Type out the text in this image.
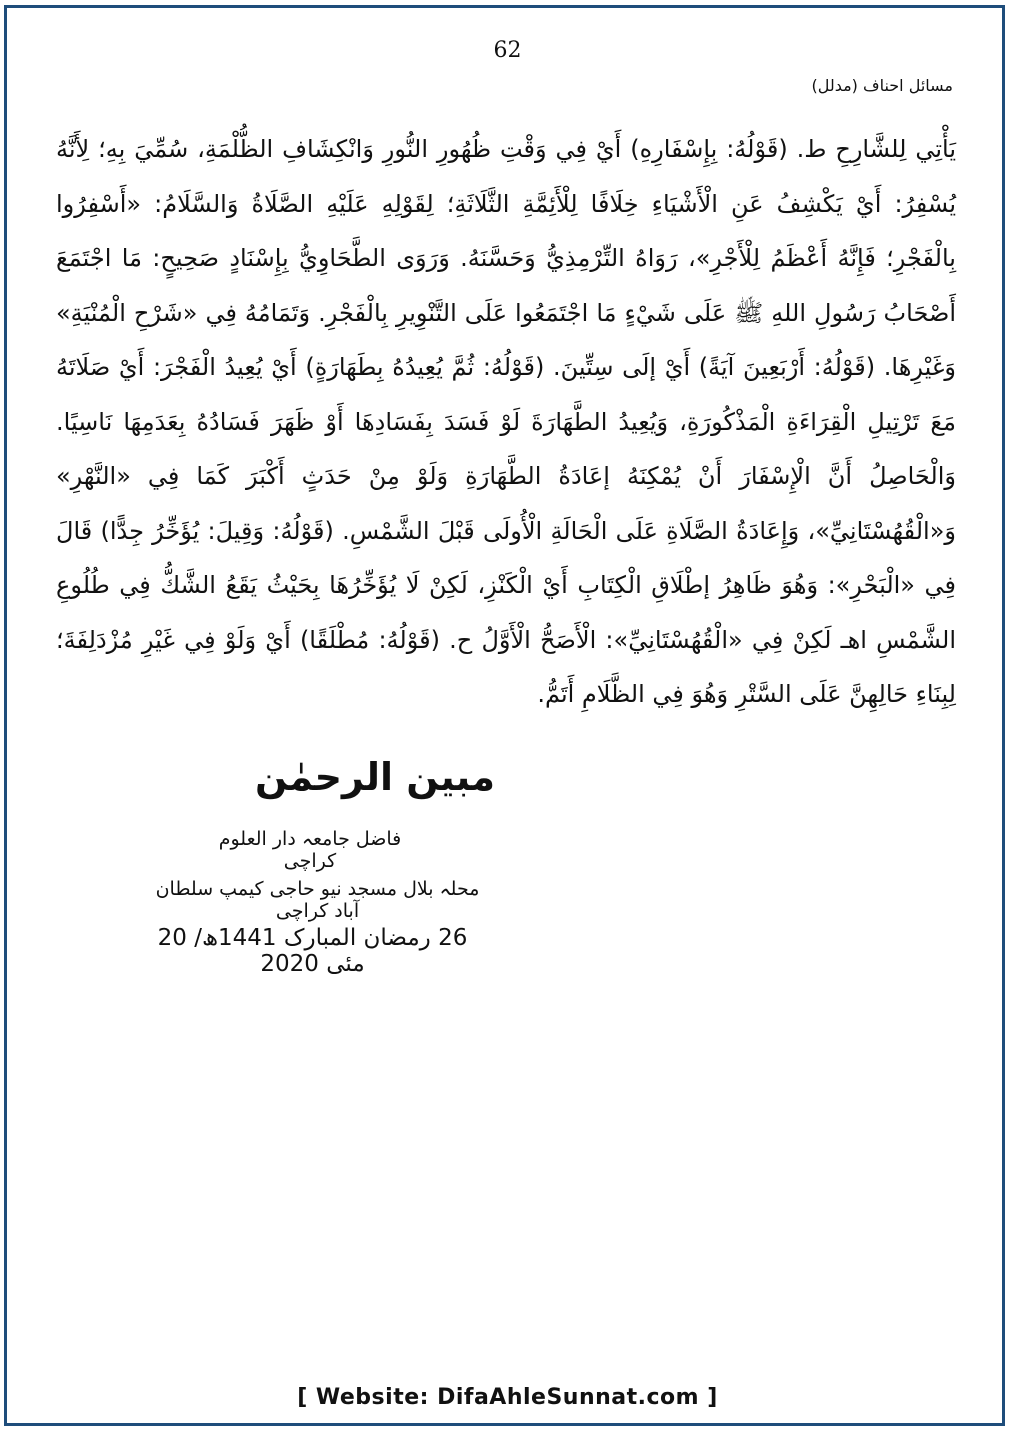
62
مسائل احناف (مدلل)

يَأْتِي لِلشَّارِحِ ط. (قَوْلُهُ: بِإِسْفَارِهِ) أَيْ فِي وَقْتِ ظُهُورِ النُّورِ وَانْكِشَافِ الظُّلْمَةِ، سُمِّيَ بِهِ؛ لِأَنَّهُ يُسْفِرُ: أَيْ يَكْشِفُ عَنِ الْأَشْيَاءِ خِلَافًا لِلْأَئِمَّةِ الثَّلَاثَةِ؛ لِقَوْلِهِ عَلَيْهِ الصَّلَاةُ وَالسَّلَامُ: «أَسْفِرُوا بِالْفَجْرِ؛ فَإِنَّهُ أَعْظَمُ لِلْأَجْرِ»، رَوَاهُ التِّرْمِذِيُّ وَحَسَّنَهُ. وَرَوَى الطَّحَاوِيُّ بِإِسْنَادٍ صَحِيحٍ: مَا اجْتَمَعَ أَصْحَابُ رَسُولِ اللهِ ﷺ عَلَى شَيْءٍ مَا اجْتَمَعُوا عَلَى التَّنْوِيرِ بِالْفَجْرِ. وَتَمَامُهُ فِي «شَرْحِ الْمُنْيَةِ» وَغَيْرِهَا. (قَوْلُهُ: أَرْبَعِينَ آيَةً) أَيْ إلَى سِتِّينَ. (قَوْلُهُ: ثُمَّ يُعِيدُهُ بِطَهَارَةٍ) أَيْ يُعِيدُ الْفَجْرَ: أَيْ صَلَاتَهُ مَعَ تَرْتِيلِ الْقِرَاءَةِ الْمَذْكُورَةِ، وَيُعِيدُ الطَّهَارَةَ لَوْ فَسَدَ بِفَسَادِهَا أَوْ ظَهَرَ فَسَادُهُ بِعَدَمِهَا نَاسِيًا. وَالْحَاصِلُ أَنَّ الْإِسْفَارَ أَنْ يُمْكِنَهُ إعَادَةُ الطَّهَارَةِ وَلَوْ مِنْ حَدَثٍ أَكْبَرَ كَمَا فِي «النَّهْرِ» وَ«الْقُهُسْتَانِيِّ»، وَإِعَادَةُ الصَّلَاةِ عَلَى الْحَالَةِ الْأُولَى قَبْلَ الشَّمْسِ. (قَوْلُهُ: وَقِيلَ: يُؤَخِّرُ جِدًّا) قَالَ فِي «الْبَحْرِ»: وَهُوَ ظَاهِرُ إطْلَاقِ الْكِتَابِ أَيْ الْكَنْزِ، لَكِنْ لَا يُؤَخِّرُهَا بِحَيْثُ يَقَعُ الشَّكُّ فِي طُلُوعِ الشَّمْسِ اهـ لَكِنْ فِي «الْقُهُسْتَانِيِّ»: الْأَصَحُّ الْأَوَّلُ ح. (قَوْلُهُ: مُطْلَقًا) أَيْ وَلَوْ فِي غَيْرِ مُزْدَلِفَةَ؛ لِبِنَاءِ حَالِهِنَّ عَلَى السَّتْرِ وَهُوَ فِي الظَّلَامِ أَتَمُّ.

مبین الرحمٰن
فاضل جامعہ دار العلوم کراچی
محلہ بلال مسجد نیو حاجی کیمپ سلطان آباد کراچی
26 رمضان المبارک 1441ھ/ 20 مئی 2020
[ Website: DifaAhleSunnat.com ]
